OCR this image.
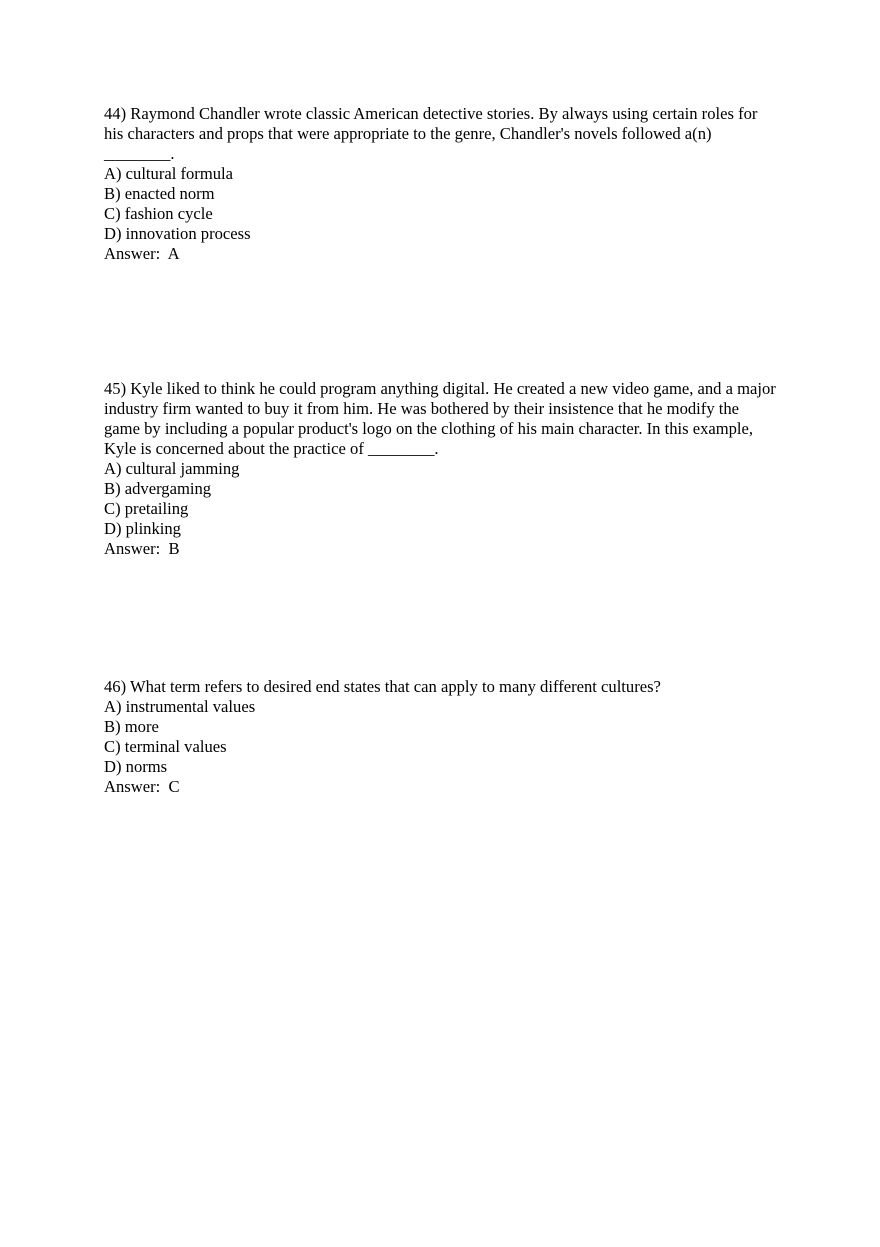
44) Raymond Chandler wrote classic American detective stories. By always using certain roles for his characters and props that were appropriate to the genre, Chandler's novels followed a(n) ________.

A) cultural formula
B) enacted norm
C) fashion cycle
D) innovation process

Answer:  A

45) Kyle liked to think he could program anything digital. He created a new video game, and a major industry firm wanted to buy it from him. He was bothered by their insistence that he modify the game by including a popular product's logo on the clothing of his main character. In this example, Kyle is concerned about the practice of ________.

A) cultural jamming
B) advergaming
C) pretailing
D) plinking

Answer:  B

46) What term refers to desired end states that can apply to many different cultures?

A) instrumental values
B) more
C) terminal values
D) norms

Answer:  C
